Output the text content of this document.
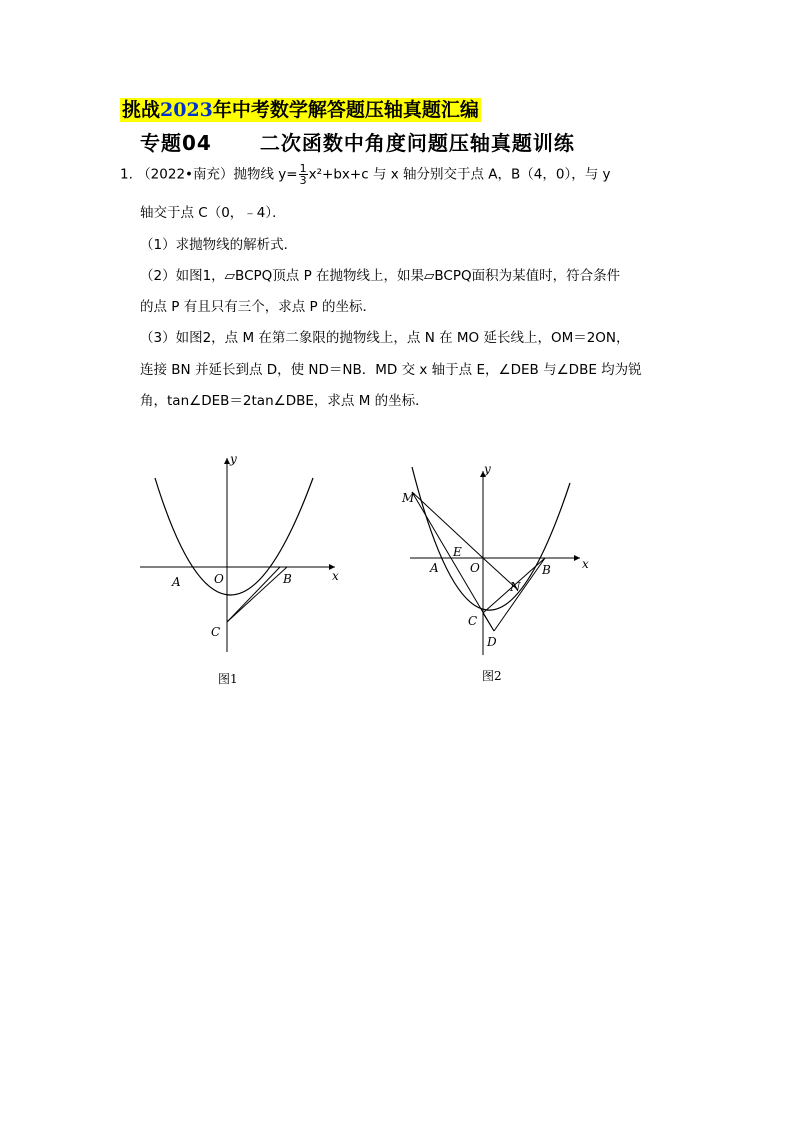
挑战2023年中考数学解答题压轴真题汇编
专题04 二次函数中角度问题压轴真题训练
1. （2022•南充）抛物线 $y= \frac{1}{3} x^2+bx+c$ 与 x 轴分别交于点 A，B（4，0），与 y
轴交于点 C（0，﹣4）．
（1）求抛物线的解析式．
（2）如图1，▱BCPQ顶点 P 在抛物线上，如果▱BCPQ面积为某值时，符合条件
的点 P 有且只有三个，求点 P 的坐标．
（3）如图2，点 M 在第二象限的抛物线上，点 N 在 MO 延长线上，OM＝2ON，
连接 BN 并延长到点 D，使 ND＝NB．MD 交 x 轴于点 E，∠DEB 与∠DBE 均为锐
角，tan∠DEB＝2tan∠DBE，求点 M 的坐标．
x
y
O
A	B
C
图1
x
y
O
A	B
C
D
E
M
N
图2
